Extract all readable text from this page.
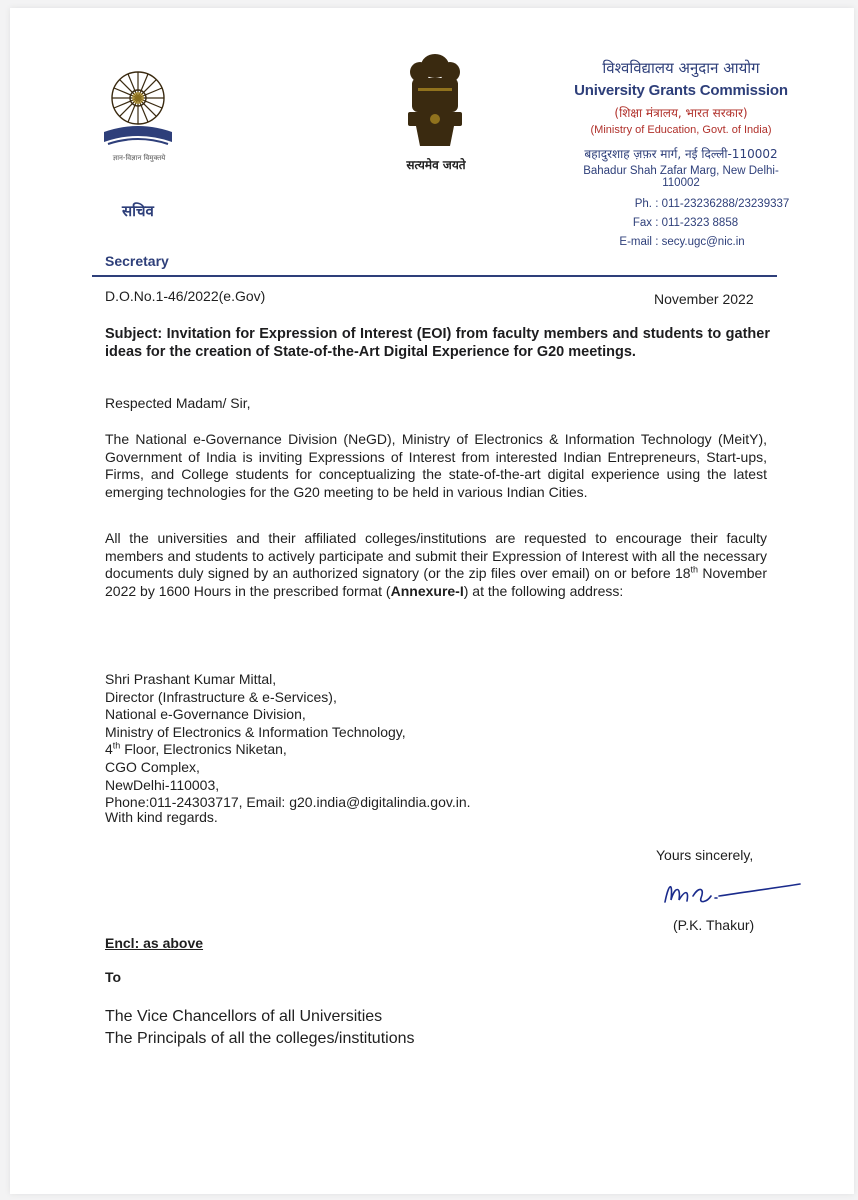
ज्ञान-विज्ञान विमुक्तये
सचिव
Secretary
सत्यमेव जयते
विश्वविद्यालय अनुदान आयोग
University Grants Commission
(शिक्षा मंत्रालय, भारत सरकार)
(Ministry of Education, Govt. of India)
बहादुरशाह ज़फ़र मार्ग, नई दिल्ली-110002
Bahadur Shah Zafar Marg, New Delhi-110002
Ph. : 011-23236288/23239337
Fax : 011-2323 8858
E-mail : secy.ugc@nic.in
D.O.No.1-46/2022(e.Gov)	November 2022
Subject: Invitation for Expression of Interest (EOI) from faculty members and students to gather ideas for the creation of State-of-the-Art Digital Experience for G20 meetings.
Respected Madam/ Sir,
The National e-Governance Division (NeGD), Ministry of Electronics & Information Technology (MeitY), Government of India is inviting Expressions of Interest from interested Indian Entrepreneurs, Start-ups, Firms, and College students for conceptualizing the state-of-the-art digital experience using the latest emerging technologies for the G20 meeting to be held in various Indian Cities.
All the universities and their affiliated colleges/institutions are requested to encourage their faculty members and students to actively participate and submit their Expression of Interest with all the necessary documents duly signed by an authorized signatory (or the zip files over email) on or before 18th November 2022 by 1600 Hours in the prescribed format (Annexure-I) at the following address:
Shri Prashant Kumar Mittal,
Director (Infrastructure & e-Services),
National e-Governance Division,
Ministry of Electronics & Information Technology,
4th Floor, Electronics Niketan,
CGO Complex,
NewDelhi-110003,
Phone:011-24303717, Email: g20.india@digitalindia.gov.in.
With kind regards.
Yours sincerely,
(P.K. Thakur)
Encl: as above
To
The Vice Chancellors of all Universities
The Principals of all the colleges/institutions
